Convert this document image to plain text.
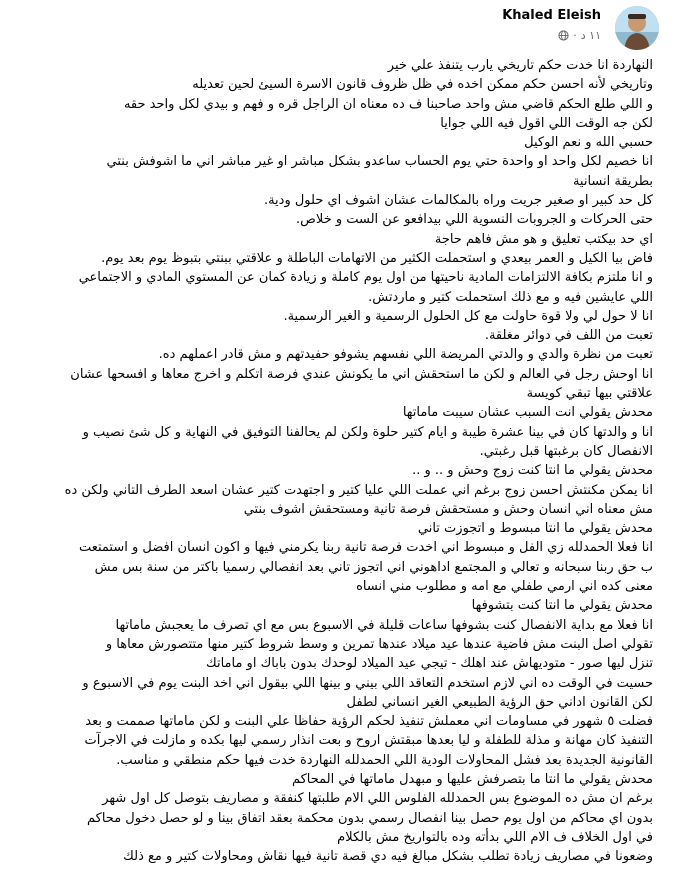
Khaled Eleish
· ١١ د
النهاردة انا خدت حكم تاريخي يارب يتنفذ علي خير
وتاريخي لأنه احسن حكم ممكن اخده في ظل ظروف قانون الاسرة السيئ لحين تعديله
و اللي طلع الحكم قاضي مش واحد صاحبنا ف ده معناه ان الراجل قره و فهم و بيدي لكل واحد حقه
لكن جه الوقت اللي اقول فيه اللي جوايا
حسبي الله و نعم الوكيل
انا خصيم لكل واحد او واحدة حتي يوم الحساب ساعدو بشكل مباشر او غير مباشر اني ما اشوفش بنتي
بطريقة انسانية
كل حد كبير او صغير جريت وراه بالمكالمات عشان اشوف اي حلول ودية.
حتى الحركات و الجروبات النسوية اللي بيدافعو عن الست و خلاص.
اي حد بيكتب تعليق و هو مش فاهم حاجة
فاض بيا الكيل و العمر بيعدي و استحملت الكثير من الاتهامات الباطلة و علاقتي ببنتي بتبوظ يوم بعد يوم.
و انا ملتزم بكافة الالتزامات المادية ناحيتها من اول يوم كاملة و زيادة كمان عن المستوي المادي و الاجتماعي
اللي عايشين فيه و مع ذلك استحملت كتير و ماردتش.
انا لا حول لي ولا قوة حاولت مع كل الحلول الرسمية و الغير الرسمية.
تعبت من اللف في دوائر مغلقة.
تعبت من نظرة والدي و والدتي المريضة اللي نفسهم يشوفو حفيدتهم و مش قادر اعملهم ده.
انا اوحش رجل في العالم و لكن ما استحقش اني ما يكونش عندي فرصة اتكلم و اخرج معاها و افسحها عشان
علاقتي بيها تبقي كويسة
محدش يقولي انت السبب عشان سيبت ماماتها
انا و والدتها كان في بينا عشرة طيبة و ايام كتير حلوة ولكن لم يحالفنا التوفيق في النهاية و كل شئ نصيب و
الانفصال كان برغبتها قبل رغبتي.
محدش يقولي ما انتا كنت زوج وحش و .. و ..
انا يمكن مكنتش احسن زوج برغم اني عملت اللي عليا كتير و اجتهدت كتير عشان اسعد الطرف التاني ولكن ده
مش معناه اني انسان وحش و مستحقش فرصة تانية ومستحقش اشوف بنتي
محدش يقولي ما انتا مبسوط و اتجوزت تاني
انا فعلا الحمدلله زي الفل و مبسوط اني اخدت فرصة تانية ربنا يكرمني فيها و اكون انسان افضل و استمتعت
ب حق ربنا سبحانه و تعالي و المجتمع اداهوني اني اتجوز تاني بعد انفصالي رسميا باكتر من سنة بس مش
معنى كده اني ارمي طفلي مع امه و مطلوب مني انساه
محدش يقولي ما انتا كنت بتشوفها
انا فعلا مع بداية الانفصال كنت بشوفها ساعات قليلة في الاسبوع بس مع اي تصرف ما يعجبش ماماتها
تقولي اصل البنت مش فاضية عندها عيد ميلاد عندها تمرين و وسط شروط كتير منها متتصورش معاها و
تنزل ليها صور - متوديهاش عند اهلك - تيجي عيد الميلاد لوحدك بدون باباك او ماماتك
حسيت في الوقت ده اني لازم استخدم التعاقد اللي بيني و بينها اللي بيقول اني اخد البنت يوم في الاسبوع و
لكن القانون اداني حق الرؤية الطبيعي الغير انساني لطفل
فضلت ٥ شهور في مساومات اني معملش تنفيذ لحكم الرؤية حفاظا علي البنت و لكن ماماتها صممت و بعد
التنفيذ كان مهانة و مذلة للطفلة و ليا بعدها مبقتش اروح و بعت انذار رسمي ليها بكده و مازلت في الاجرآت
القانونية الجديدة بعد فشل المحاولات الودية اللي الحمدلله النهاردة خدت فيها حكم منطقي و مناسب.
محدش يقولي ما انتا ما بتصرفش عليها و مبهدل ماماتها في المحاكم
برغم ان مش ده الموضوع بس الحمدلله الفلوس اللي الام طلبتها كنفقة و مصاريف بتوصل كل اول شهر
بدون اي محاكم من اول يوم حصل بينا انفصال رسمي بدون محكمة بعقد اتفاق بينا و لو حصل دخول محاكم
في اول الخلاف ف الام اللي بدأته وده بالتواريخ مش بالكلام
وضعونا في مصاريف زيادة تطلب بشكل مبالغ فيه دي قصة تانية فيها نقاش ومحاولات كتير و مع ذلك
